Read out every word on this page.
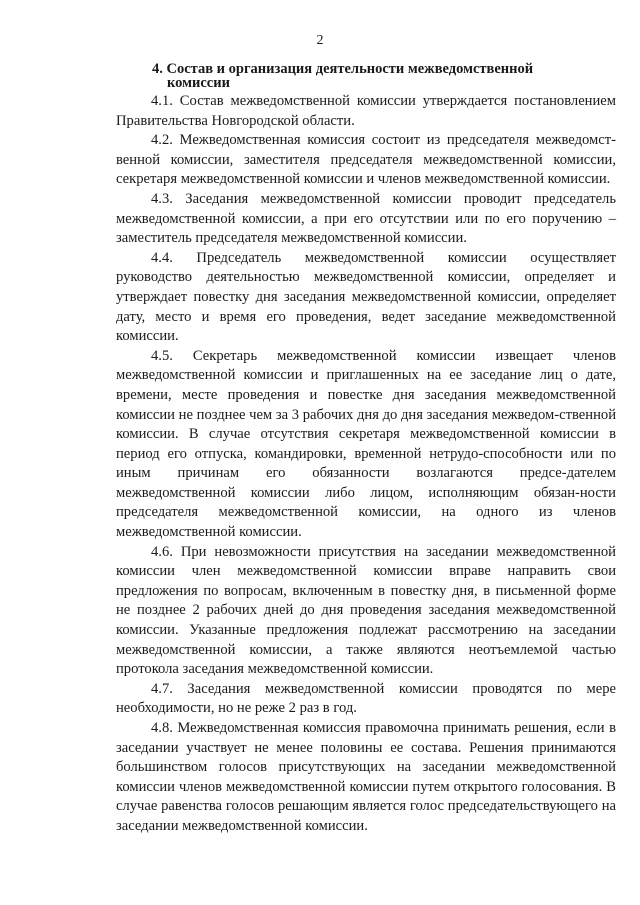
2
4. Состав и организация деятельности межведомственной
комиссии

4.1. Состав межведомственной комиссии утверждается постановлением Правительства Новгородской области.

4.2. Межведомственная комиссия состоит из председателя межведомст-венной комиссии, заместителя председателя межведомственной комиссии, секретаря межведомственной комиссии и членов межведомственной комиссии.

4.3. Заседания межведомственной комиссии проводит председатель межведомственной комиссии, а при его отсутствии или по его поручению – заместитель председателя межведомственной комиссии.

4.4. Председатель межведомственной комиссии осуществляет руководство деятельностью межведомственной комиссии, определяет и утверждает повестку дня заседания межведомственной комиссии, определяет дату, место и время его проведения, ведет заседание межведомственной комиссии.

4.5. Секретарь межведомственной комиссии извещает членов межведомственной комиссии и приглашенных на ее заседание лиц о дате, времени, месте проведения и повестке дня заседания межведомственной комиссии не позднее чем за 3 рабочих дня до дня заседания межведом-ственной комиссии. В случае отсутствия секретаря межведомственной комиссии в период его отпуска, командировки, временной нетрудо-способности или по иным причинам его обязанности возлагаются предсе-дателем межведомственной комиссии либо лицом, исполняющим обязан-ности председателя межведомственной комиссии, на одного из членов межведомственной комиссии.

4.6. При невозможности присутствия на заседании межведомственной комиссии член межведомственной комиссии вправе направить свои предложения по вопросам, включенным в повестку дня, в письменной форме не позднее 2 рабочих дней до дня проведения заседания межведомственной комиссии. Указанные предложения подлежат рассмотрению на заседании межведомственной комиссии, а также являются неотъемлемой частью протокола заседания межведомственной комиссии.

4.7. Заседания межведомственной комиссии проводятся по мере необходимости, но не реже 2 раз в год.

4.8. Межведомственная комиссия правомочна принимать решения, если в заседании участвует не менее половины ее состава. Решения принимаются большинством голосов присутствующих на заседании межведомственной комиссии членов межведомственной комиссии путем открытого голосования. В случае равенства голосов решающим является голос председательствующего на заседании межведомственной комиссии.
